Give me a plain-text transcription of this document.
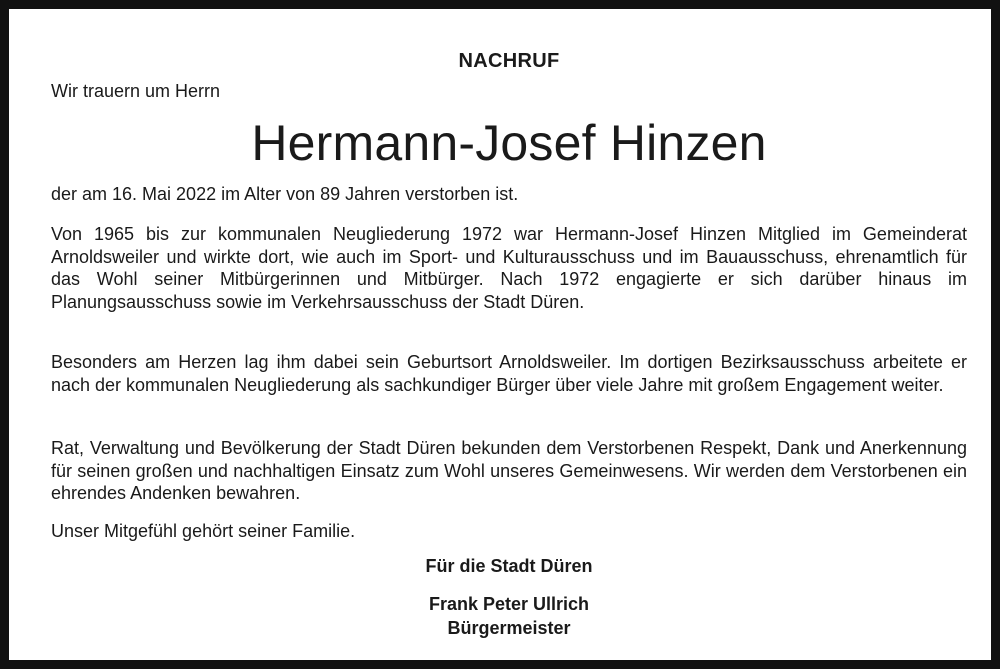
NACHRUF
Wir trauern um Herrn
Hermann-Josef Hinzen
der am 16. Mai 2022 im Alter von 89 Jahren verstorben ist.
Von 1965 bis zur kommunalen Neugliederung 1972 war Hermann-Josef Hinzen Mitglied im Gemeinderat Arnoldsweiler und wirkte dort, wie auch im Sport- und Kulturausschuss und im Bauausschuss, ehrenamtlich für das Wohl seiner Mitbürgerinnen und Mitbürger. Nach 1972 engagierte er sich darüber hinaus im Planungsausschuss sowie im Verkehrsausschuss der Stadt Düren.
Besonders am Herzen lag ihm dabei sein Geburtsort Arnoldsweiler. Im dortigen Bezirksausschuss arbeitete er nach der kommunalen Neugliederung als sachkundiger Bürger über viele Jahre mit großem Engagement weiter.
Rat, Verwaltung und Bevölkerung der Stadt Düren bekunden dem Verstorbenen Respekt, Dank und Anerkennung für seinen großen und nachhaltigen Einsatz zum Wohl unseres Gemeinwesens. Wir werden dem Verstorbenen ein ehrendes Andenken bewahren.
Unser Mitgefühl gehört seiner Familie.
Für die Stadt Düren
Frank Peter Ullrich
Bürgermeister
